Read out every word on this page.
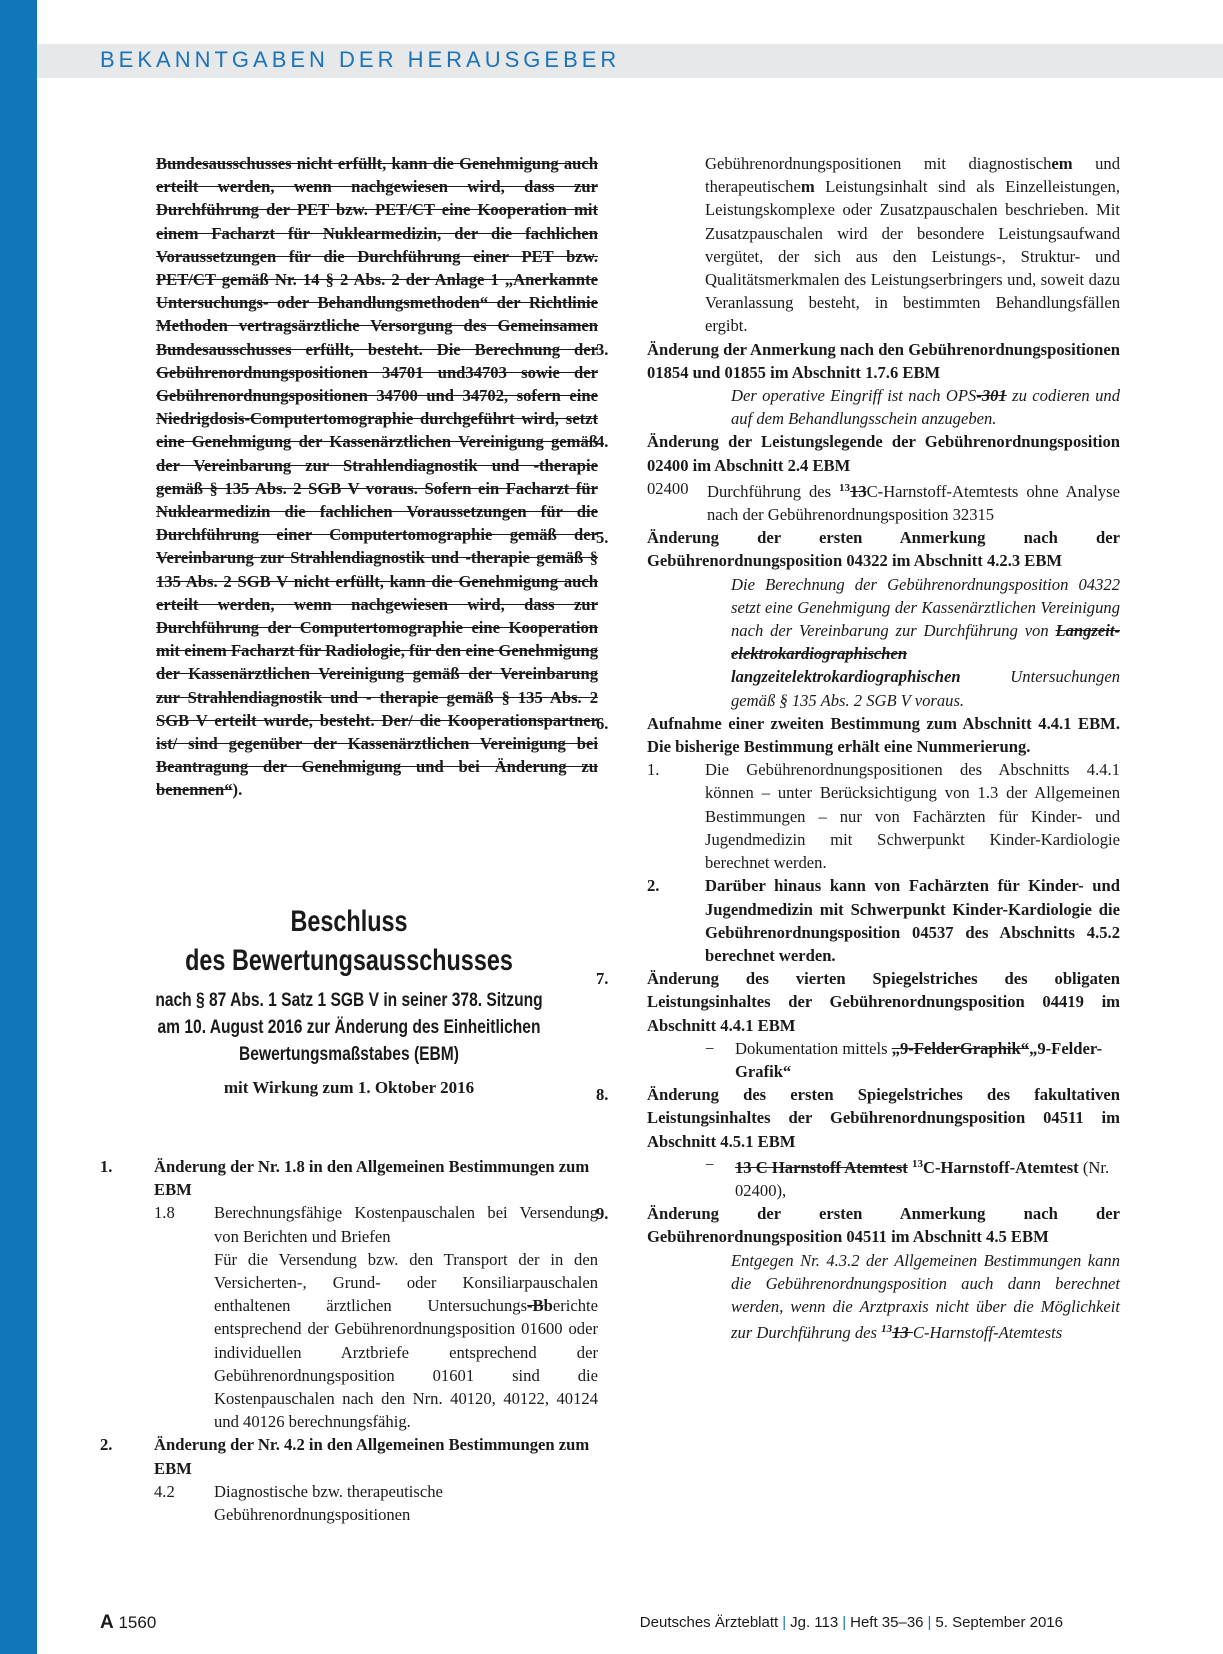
BEKANNTGABEN DER HERAUSGEBER
Bundesausschusses nicht erfüllt, kann die Genehmigung auch erteilt werden, wenn nachgewiesen wird, dass zur Durchführung der PET bzw. PET/CT eine Kooperation mit einem Facharzt für Nuklearmedizin, der die fachlichen Voraussetzungen für die Durchführung einer PET bzw. PET/CT gemäß Nr. 14 § 2 Abs. 2 der Anlage 1 „Anerkannte Untersuchungs- oder Behandlungsmethoden“ der Richtlinie Methoden vertragsärztliche Versorgung des Gemeinsamen Bundesausschusses erfüllt, besteht. Die Berechnung der Gebührenordnungspositionen 34701 und34703 sowie der Gebührenordnungspositionen 34700 und 34702, sofern eine Niedrigdosis-Computertomographie durchgeführt wird, setzt eine Genehmigung der Kassenärztlichen Vereinigung gemäß der Vereinbarung zur Strahlendiagnostik und -therapie gemäß § 135 Abs. 2 SGB V voraus. Sofern ein Facharzt für Nuklearmedizin die fachlichen Voraussetzungen für die Durchführung einer Computertomographie gemäß der Vereinbarung zur Strahlendiagnostik und -therapie gemäß § 135 Abs. 2 SGB V nicht erfüllt, kann die Genehmigung auch erteilt werden, wenn nachgewiesen wird, dass zur Durchführung der Computertomographie eine Kooperation mit einem Facharzt für Radiologie, für den eine Genehmigung der Kassenärztlichen Vereinigung gemäß der Vereinbarung zur Strahlendiagnostik und - therapie gemäß § 135 Abs. 2 SGB V erteilt wurde, besteht. Der/ die Kooperationspartner ist/ sind gegenüber der Kassenärztlichen Vereinigung bei Beantragung der Genehmigung und bei Änderung zu benennen“).
Beschluss
des Bewertungsausschusses
nach § 87 Abs. 1 Satz 1 SGB V in seiner 378. Sitzung
am 10. August 2016 zur Änderung des Einheitlichen
Bewertungsmaßstabes (EBM)
mit Wirkung zum 1. Oktober 2016
1.	Änderung der Nr. 1.8 in den Allgemeinen Bestimmungen zum EBM
1.8	Berechnungsfähige Kostenpauschalen bei Versendung von Berichten und Briefen
Für die Versendung bzw. den Transport der in den Versicherten-, Grund- oder Konsiliarpauschalen enthaltenen ärztlichen Untersuchungs-Bberichte entsprechend der Gebührenordnungsposition 01600 oder individuellen Arztbriefe entsprechend der Gebührenordnungsposition 01601 sind die Kostenpauschalen nach den Nrn. 40120, 40122, 40124 und 40126 berechnungsfähig.
2.	Änderung der Nr. 4.2 in den Allgemeinen Bestimmungen zum EBM
4.2	Diagnostische bzw. therapeutische Gebührenordnungspositionen
Gebührenordnungspositionen mit diagnostischem und therapeutischem Leistungsinhalt sind als Einzelleistungen, Leistungskomplexe oder Zusatzpauschalen beschrieben. Mit Zusatzpauschalen wird der besondere Leistungsaufwand vergütet, der sich aus den Leistungs-, Struktur- und Qualitätsmerkmalen des Leistungserbringers und, soweit dazu Veranlassung besteht, in bestimmten Behandlungsfällen ergibt.
3.	Änderung der Anmerkung nach den Gebührenordnungspositionen 01854 und 01855 im Abschnitt 1.7.6 EBM
Der operative Eingriff ist nach OPS-301 zu codieren und auf dem Behandlungsschein anzugeben.
4.	Änderung der Leistungslegende der Gebührenordnungsposition 02400 im Abschnitt 2.4 EBM
02400	Durchführung des $^{13}$13C-Harnstoff-Atemtests ohne Analyse nach der Gebührenordnungsposition 32315
5.	Änderung der ersten Anmerkung nach der Gebührenordnungsposition 04322 im Abschnitt 4.2.3 EBM
Die Berechnung der Gebührenordnungsposition 04322 setzt eine Genehmigung der Kassenärztlichen Vereinigung nach der Vereinbarung zur Durchführung von Langzeit-elektrokardiographischen langzeitelektrokardiographischen Untersuchungen gemäß § 135 Abs. 2 SGB V voraus.
6.	Aufnahme einer zweiten Bestimmung zum Abschnitt 4.4.1 EBM. Die bisherige Bestimmung erhält eine Nummerierung.
1.	Die Gebührenordnungspositionen des Abschnitts 4.4.1 können – unter Berücksichtigung von 1.3 der Allgemeinen Bestimmungen – nur von Fachärzten für Kinder- und Jugendmedizin mit Schwerpunkt Kinder-Kardiologie berechnet werden.
2.	Darüber hinaus kann von Fachärzten für Kinder- und Jugendmedizin mit Schwerpunkt Kinder-Kardiologie die Gebührenordnungsposition 04537 des Abschnitts 4.5.2 berechnet werden.
7.	Änderung des vierten Spiegelstriches des obligaten Leistungsinhaltes der Gebührenordnungsposition 04419 im Abschnitt 4.4.1 EBM
−	Dokumentation mittels „9-FelderGraphik“„9-Felder-Grafik“
8.	Änderung des ersten Spiegelstriches des fakultativen Leistungsinhaltes der Gebührenordnungsposition 04511 im Abschnitt 4.5.1 EBM
−	13 C Harnstoff Atemtest $^{13}$C-Harnstoff-Atemtest (Nr. 02400),
9.	Änderung der ersten Anmerkung nach der Gebührenordnungsposition 04511 im Abschnitt 4.5 EBM
Entgegen Nr. 4.3.2 der Allgemeinen Bestimmungen kann die Gebührenordnungsposition auch dann berechnet werden, wenn die Arztpraxis nicht über die Möglichkeit zur Durchführung des $^{13}$13 C-Harnstoff-Atemtests
A 1560	Deutsches Ärzteblatt | Jg. 113 | Heft 35–36 | 5. September 2016
